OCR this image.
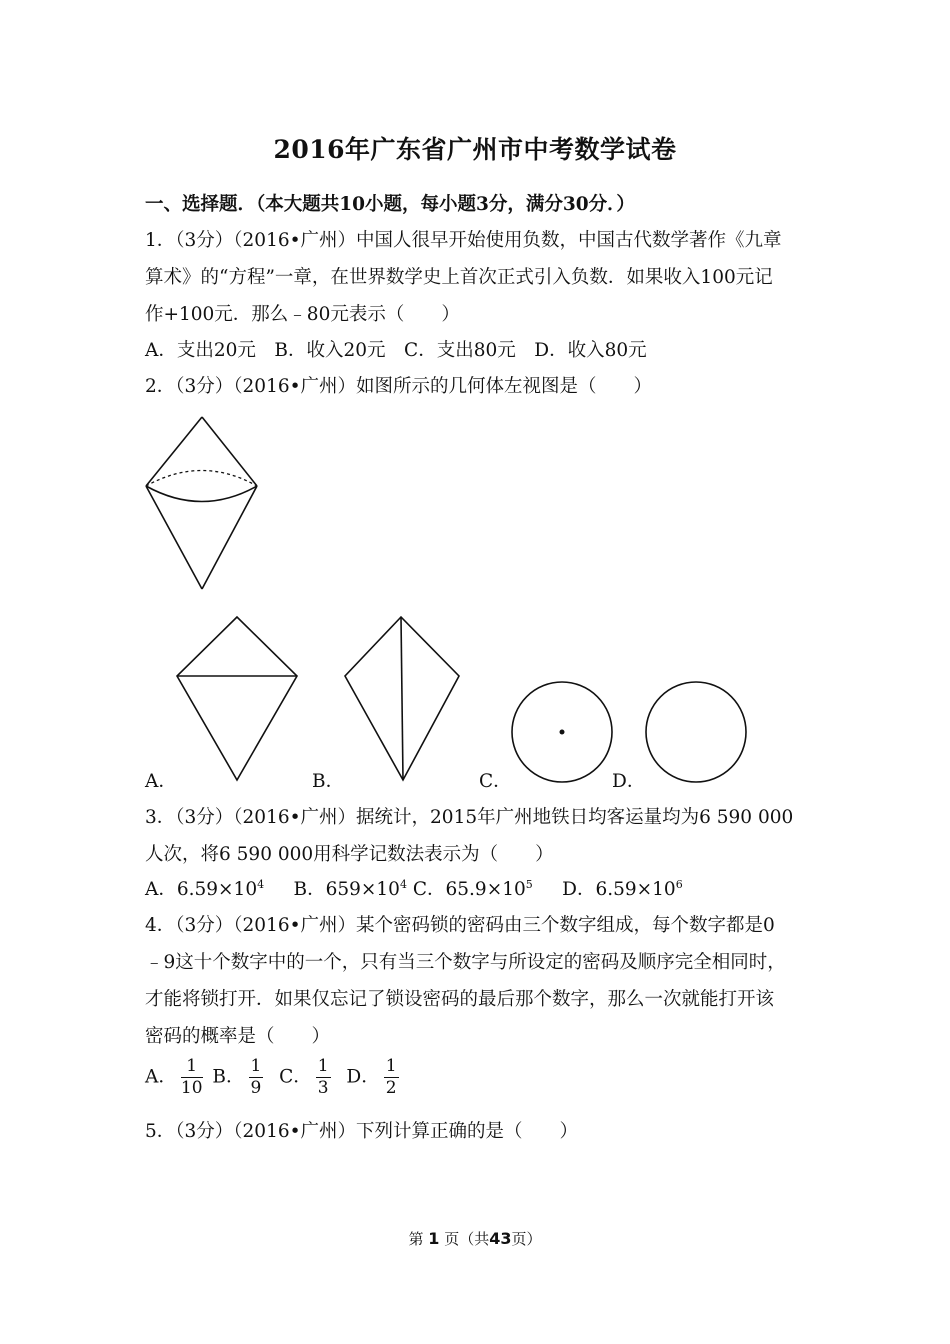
2016年广东省广州市中考数学试卷
一、选择题．（本大题共10小题，每小题3分，满分30分．）
1．（3分）（2016•广州）中国人很早开始使用负数，中国古代数学著作《九章
算术》的“方程”一章，在世界数学史上首次正式引入负数．如果收入100元记
作+100元．那么﹣80元表示（　　）
A．支出20元　B．收入20元　C．支出80元　D．收入80元
2．（3分）（2016•广州）如图所示的几何体左视图是（　　）
A．	B．	C．	D．
3．（3分）（2016•广州）据统计，2015年广州地铁日均客运量均为6 590 000
人次，将6 590 000用科学记数法表示为（　　）
A．$6.59\times 10^4$ B．$659\times 10^4$ C．$65.9\times 10^5$ D．$6.59\times 10^6$
4．（3分）（2016•广州）某个密码锁的密码由三个数字组成，每个数字都是0
﹣9这十个数字中的一个，只有当三个数字与所设定的密码及顺序完全相同时，
才能将锁打开．如果仅忘记了锁设密码的最后那个数字，那么一次就能打开该
密码的概率是（　　）
A． $\frac{1}{10}$ B． $\frac{1}{9}$ C． $\frac{1}{3}$ D． $\frac{1}{2}$
5．（3分）（2016•广州）下列计算正确的是（　　）
第 1 页（共43页）
